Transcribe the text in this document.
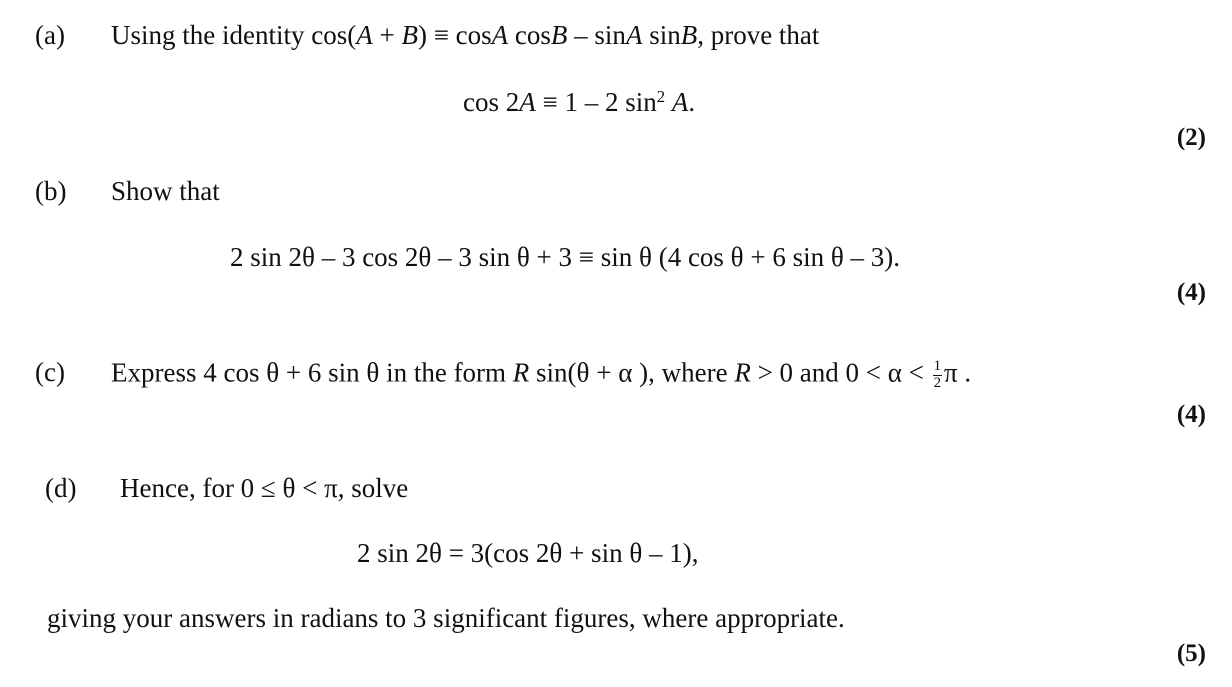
(a) Using the identity cos(A + B) ≡ cosA cosB – sinA sinB, prove that
cos 2A ≡ 1 – 2 $\sin^2 A$.
(2)
(b) Show that
2 sin 2θ – 3 cos 2θ – 3 sin θ + 3 ≡ sin θ (4 cos θ + 6 sin θ – 3).
(4)
(c) Express 4 cos θ + 6 sin θ in the form R sin(θ + α ), where R > 0 and $0 < \alpha < \frac{1}{2}$ π .
(4)
(d) Hence, for 0 ≤ θ < π, solve
2 sin 2θ = 3(cos 2θ + sin θ – 1),
giving your answers in radians to 3 significant figures, where appropriate.
(5)
